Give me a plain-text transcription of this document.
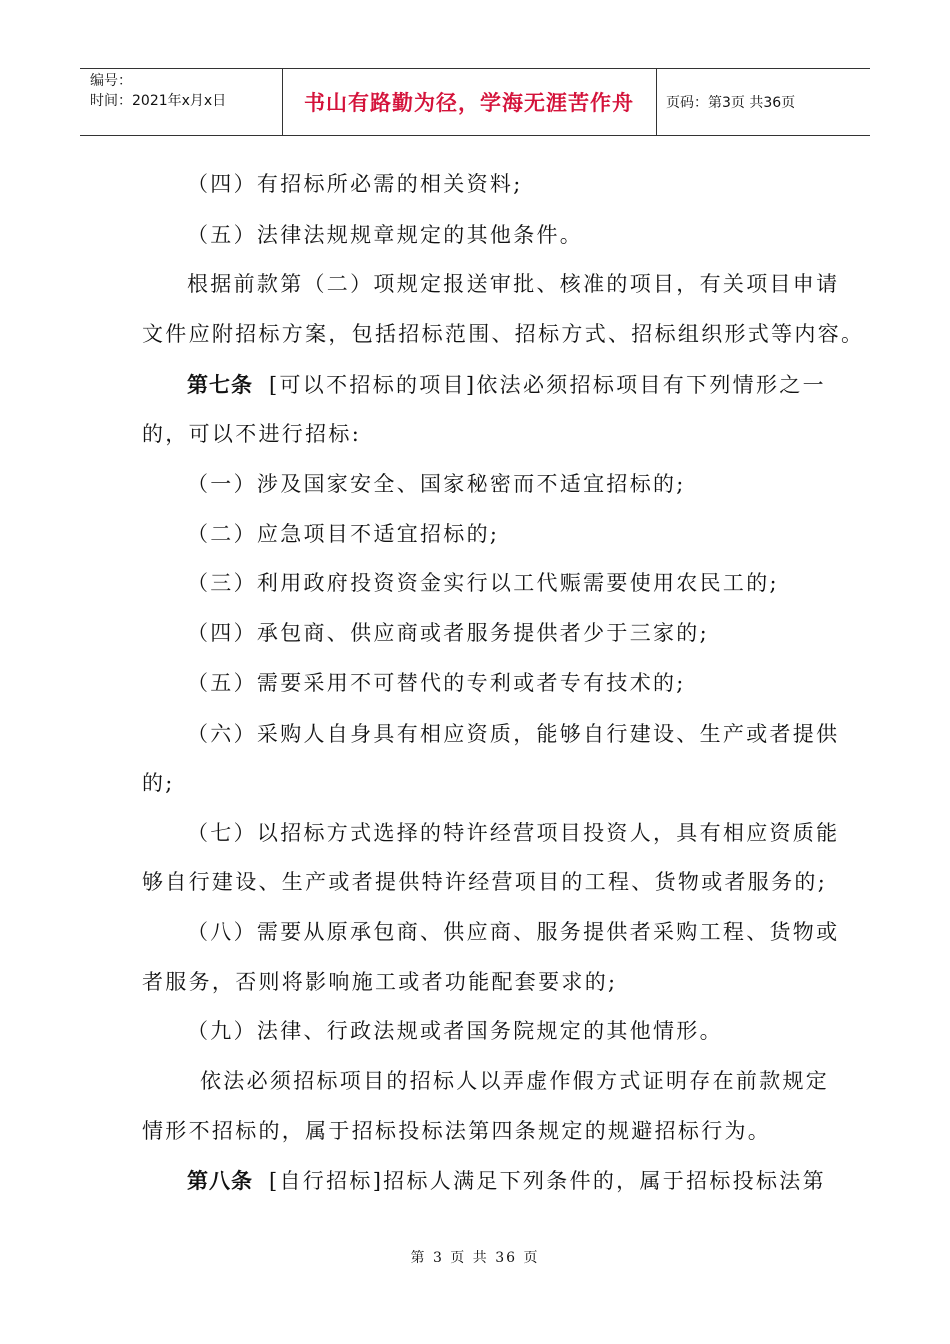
编号：
时间：2021年x月x日	书山有路勤为径，学海无涯苦作舟	页码：第3页 共36页
（四）有招标所必需的相关资料;
（五）法律法规规章规定的其他条件。
根据前款第（二）项规定报送审批、核准的项目，有关项目申请
文件应附招标方案，包括招标范围、招标方式、招标组织形式等内容。
第七条 [可以不招标的项目]依法必须招标项目有下列情形之一
的，可以不进行招标:
（一）涉及国家安全、国家秘密而不适宜招标的;
（二）应急项目不适宜招标的;
（三）利用政府投资资金实行以工代赈需要使用农民工的;
（四）承包商、供应商或者服务提供者少于三家的;
（五）需要采用不可替代的专利或者专有技术的;
（六）采购人自身具有相应资质，能够自行建设、生产或者提供
的;
（七）以招标方式选择的特许经营项目投资人，具有相应资质能
够自行建设、生产或者提供特许经营项目的工程、货物或者服务的;
（八）需要从原承包商、供应商、服务提供者采购工程、货物或
者服务，否则将影响施工或者功能配套要求的;
（九）法律、行政法规或者国务院规定的其他情形。
依法必须招标项目的招标人以弄虚作假方式证明存在前款规定
情形不招标的，属于招标投标法第四条规定的规避招标行为。
第八条 [自行招标]招标人满足下列条件的，属于招标投标法第
第 3 页 共 36 页
